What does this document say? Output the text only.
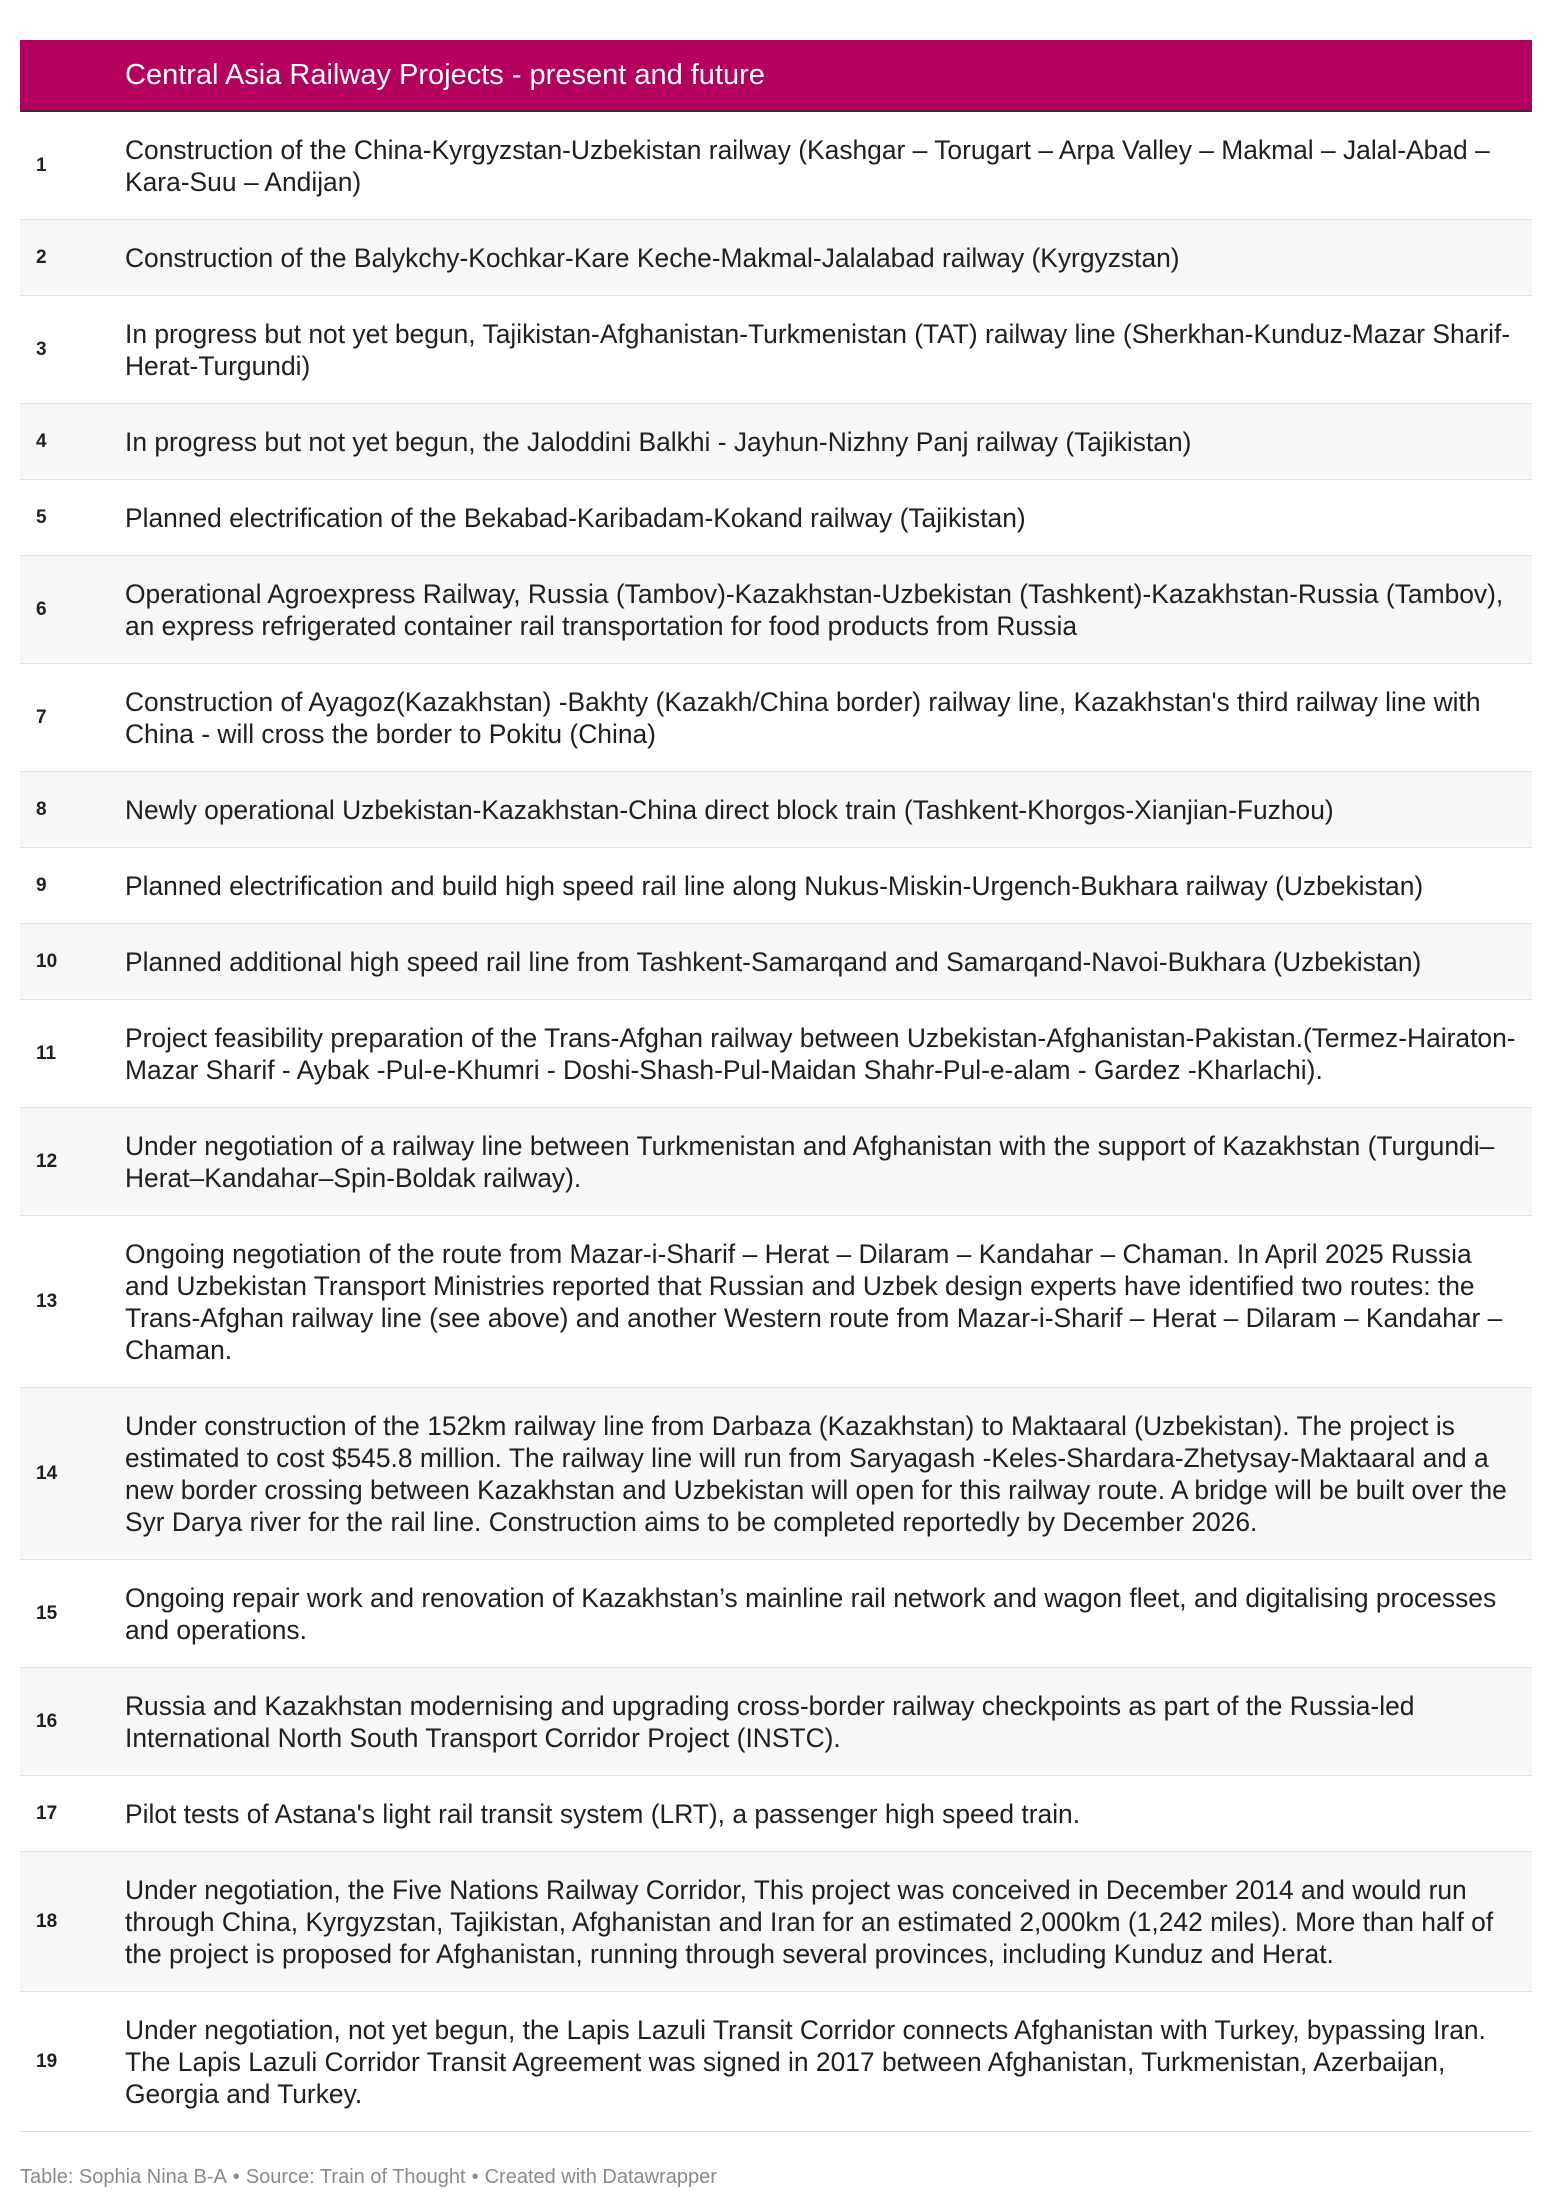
	Central Asia Railway Projects - present and future
1	Construction of the China-Kyrgyzstan-Uzbekistan railway (Kashgar – Torugart – Arpa Valley – Makmal – Jalal-Abad – Kara-Suu – Andijan)
2	Construction of the Balykchy-Kochkar-Kare Keche-Makmal-Jalalabad railway (Kyrgyzstan)
3	In progress but not yet begun, Tajikistan-Afghanistan-Turkmenistan (TAT) railway line (Sherkhan-Kunduz-Mazar Sharif-Herat-Turgundi)
4	In progress but not yet begun, the Jaloddini Balkhi - Jayhun-Nizhny Panj railway (Tajikistan)
5	Planned electrification of the Bekabad-Karibadam-Kokand railway (Tajikistan)
6	Operational Agroexpress Railway, Russia (Tambov)-Kazakhstan-Uzbekistan (Tashkent)-Kazakhstan-Russia (Tambov), an express refrigerated container rail transportation for food products from Russia
7	Construction of Ayagoz(Kazakhstan) -Bakhty (Kazakh/China border) railway line, Kazakhstan's third railway line with China - will cross the border to Pokitu (China)
8	Newly operational Uzbekistan-Kazakhstan-China direct block train (Tashkent-Khorgos-Xianjian-Fuzhou)
9	Planned electrification and build high speed rail line along Nukus-Miskin-Urgench-Bukhara railway (Uzbekistan)
10	Planned additional high speed rail line from Tashkent-Samarqand and Samarqand-Navoi-Bukhara (Uzbekistan)
11	Project feasibility preparation of the Trans-Afghan railway between Uzbekistan-Afghanistan-Pakistan.(Termez-Hairaton-Mazar Sharif - Aybak -Pul-e-Khumri - Doshi-Shash-Pul-Maidan Shahr-Pul-e-alam - Gardez -Kharlachi).
12	Under negotiation of a railway line between Turkmenistan and Afghanistan with the support of Kazakhstan (Turgundi–Herat–Kandahar–Spin-Boldak railway).
13	Ongoing negotiation of the route from Mazar-i-Sharif – Herat – Dilaram – Kandahar – Chaman. In April 2025 Russia and Uzbekistan Transport Ministries reported that Russian and Uzbek design experts have identified two routes: the Trans-Afghan railway line (see above) and another Western route from Mazar-i-Sharif – Herat – Dilaram – Kandahar – Chaman.
14	Under construction of the 152km railway line from Darbaza (Kazakhstan) to Maktaaral (Uzbekistan). The project is estimated to cost $545.8 million. The railway line will run from Saryagash -Keles-Shardara-Zhetysay-Maktaaral and a new border crossing between Kazakhstan and Uzbekistan will open for this railway route. A bridge will be built over the Syr Darya river for the rail line. Construction aims to be completed reportedly by December 2026.
15	Ongoing repair work and renovation of Kazakhstan’s mainline rail network and wagon fleet, and digitalising processes and operations.
16	Russia and Kazakhstan modernising and upgrading cross-border railway checkpoints as part of the Russia-led International North South Transport Corridor Project (INSTC).
17	Pilot tests of Astana's light rail transit system (LRT), a passenger high speed train.
18	Under negotiation, the Five Nations Railway Corridor, This project was conceived in December 2014 and would run through China, Kyrgyzstan, Tajikistan, Afghanistan and Iran for an estimated 2,000km (1,242 miles). More than half of the project is proposed for Afghanistan, running through several provinces, including Kunduz and Herat.
19	Under negotiation, not yet begun, the Lapis Lazuli Transit Corridor connects Afghanistan with Turkey, bypassing Iran. The Lapis Lazuli Corridor Transit Agreement was signed in 2017 between Afghanistan, Turkmenistan, Azerbaijan, Georgia and Turkey.
Table: Sophia Nina B-A • Source: Train of Thought • Created with Datawrapper
